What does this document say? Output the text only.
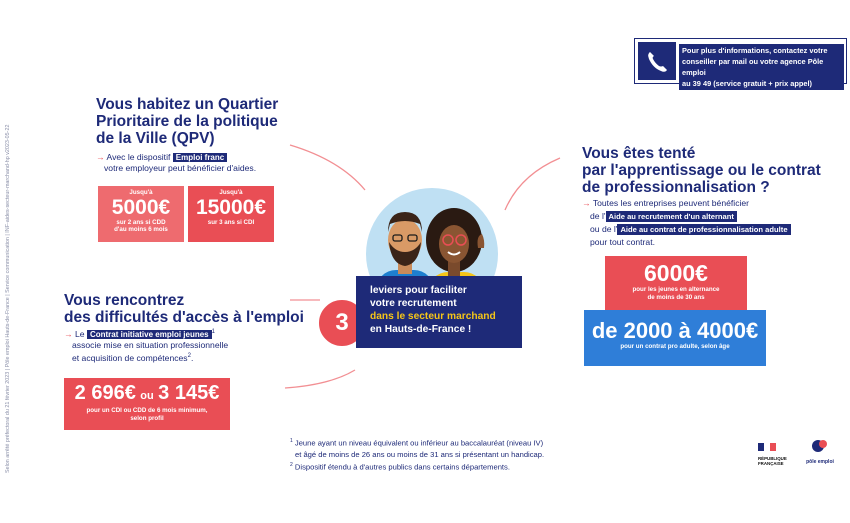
Selon arrêté préfectoral du 21 février 2023 | Pôle emploi Hauts-de-France | Service communication | INF-aides-secteur-marchand-hp v2023-05-22
Pour plus d'informations, contactez votre
conseiller par mail ou votre agence Pôle emploi
au 39 49 (service gratuit + prix appel)
Vous habitez un Quartier
Prioritaire de la politique
de la Ville (QPV)
→ Avec le dispositif Emploi franc
votre employeur peut bénéficier d'aides.
Jusqu'à
5000€
sur 2 ans si CDD
d'au moins 6 mois
Jusqu'à
15000€
sur 3 ans si CDI
Vous rencontrez
des difficultés d'accès à l'emploi
→ Le Contrat initiative emploi jeunes $^1$
associe mise en situation professionnelle
et acquisition de compétences$^2$.
2 696€ ou 3 145€
pour un CDI ou CDD de 6 mois minimum,
selon profil
3
leviers pour faciliter
votre recrutement
dans le secteur marchand
en Hauts-de-France !
Vous êtes tenté
par l'apprentissage ou le contrat
de professionnalisation ?
→ Toutes les entreprises peuvent bénéficier
de l' Aide au recrutement d'un alternant
ou de l' Aide au contrat de professionnalisation adulte
pour tout contrat.
6000€
pour les jeunes en alternance
de moins de 30 ans
de 2000 à 4000€
pour un contrat pro adulte, selon âge
$^1$ Jeune ayant un niveau équivalent ou inférieur au baccalauréat (niveau IV)
et âgé de moins de 26 ans ou moins de 31 ans si présentant un handicap.
$^2$ Dispositif étendu à d'autres publics dans certains départements.
RÉPUBLIQUE
FRANÇAISE	pôle emploi
